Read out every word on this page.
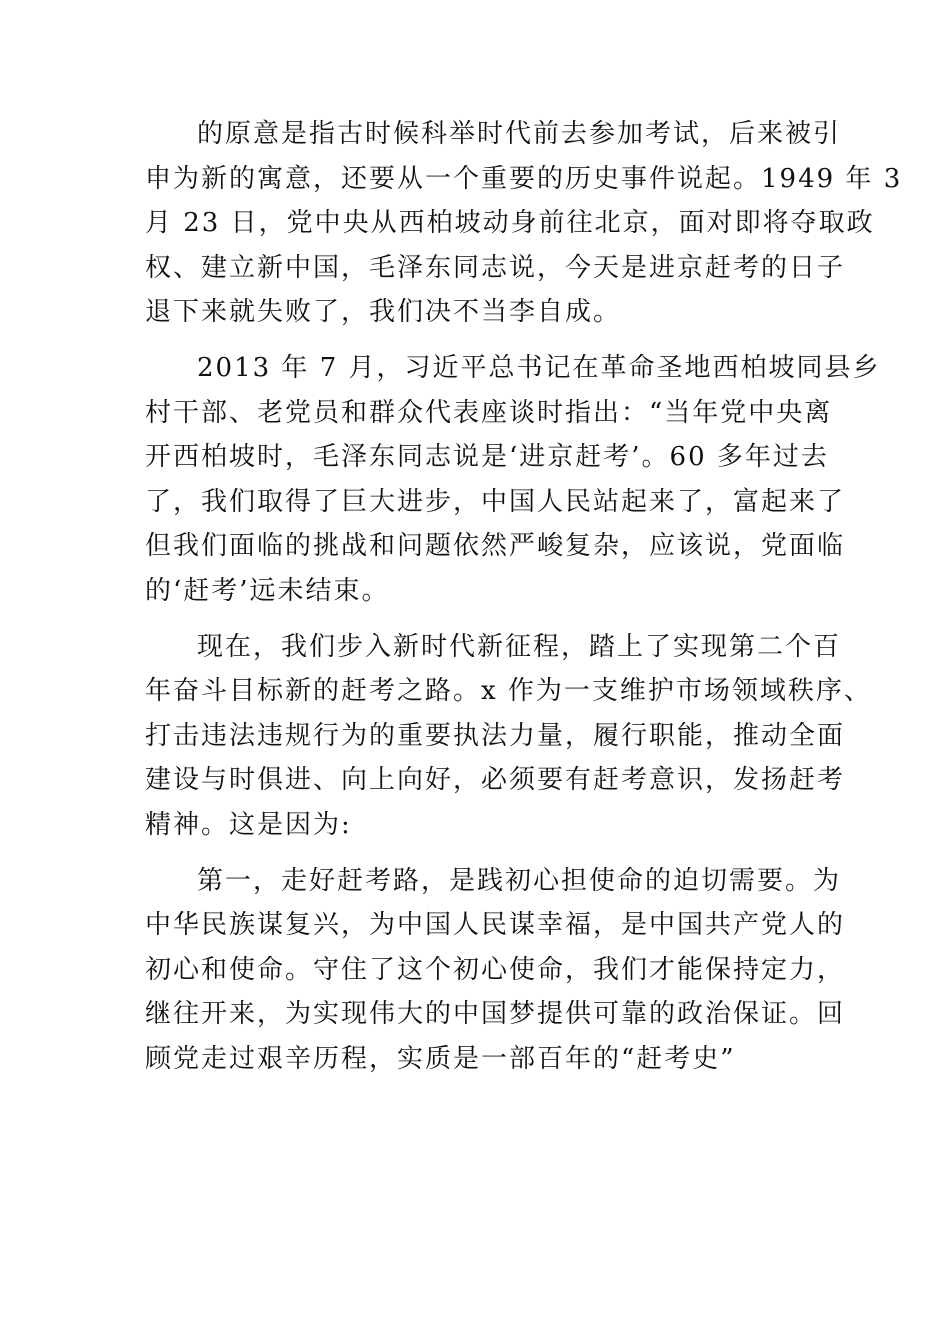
的原意是指古时候科举时代前去参加考试，后来被引
申为新的寓意，还要从一个重要的历史事件说起。1949 年 3
月 23 日，党中央从西柏坡动身前往北京，面对即将夺取政
权、建立新中国，毛泽东同志说，今天是进京赶考的日子
退下来就失败了，我们决不当李自成。

2013 年 7 月，习近平总书记在革命圣地西柏坡同县乡
村干部、老党员和群众代表座谈时指出：“当年党中央离
开西柏坡时，毛泽东同志说是‘进京赶考’。60 多年过去
了，我们取得了巨大进步，中国人民站起来了，富起来了
但我们面临的挑战和问题依然严峻复杂，应该说，党面临
的‘赶考’远未结束。

现在，我们步入新时代新征程，踏上了实现第二个百
年奋斗目标新的赶考之路。x 作为一支维护市场领域秩序、
打击违法违规行为的重要执法力量，履行职能，推动全面
建设与时俱进、向上向好，必须要有赶考意识，发扬赶考
精神。这是因为:

第一，走好赶考路，是践初心担使命的迫切需要。为
中华民族谋复兴，为中国人民谋幸福，是中国共产党人的
初心和使命。守住了这个初心使命，我们才能保持定力，
继往开来，为实现伟大的中国梦提供可靠的政治保证。回
顾党走过艰辛历程，实质是一部百年的“赶考史”
